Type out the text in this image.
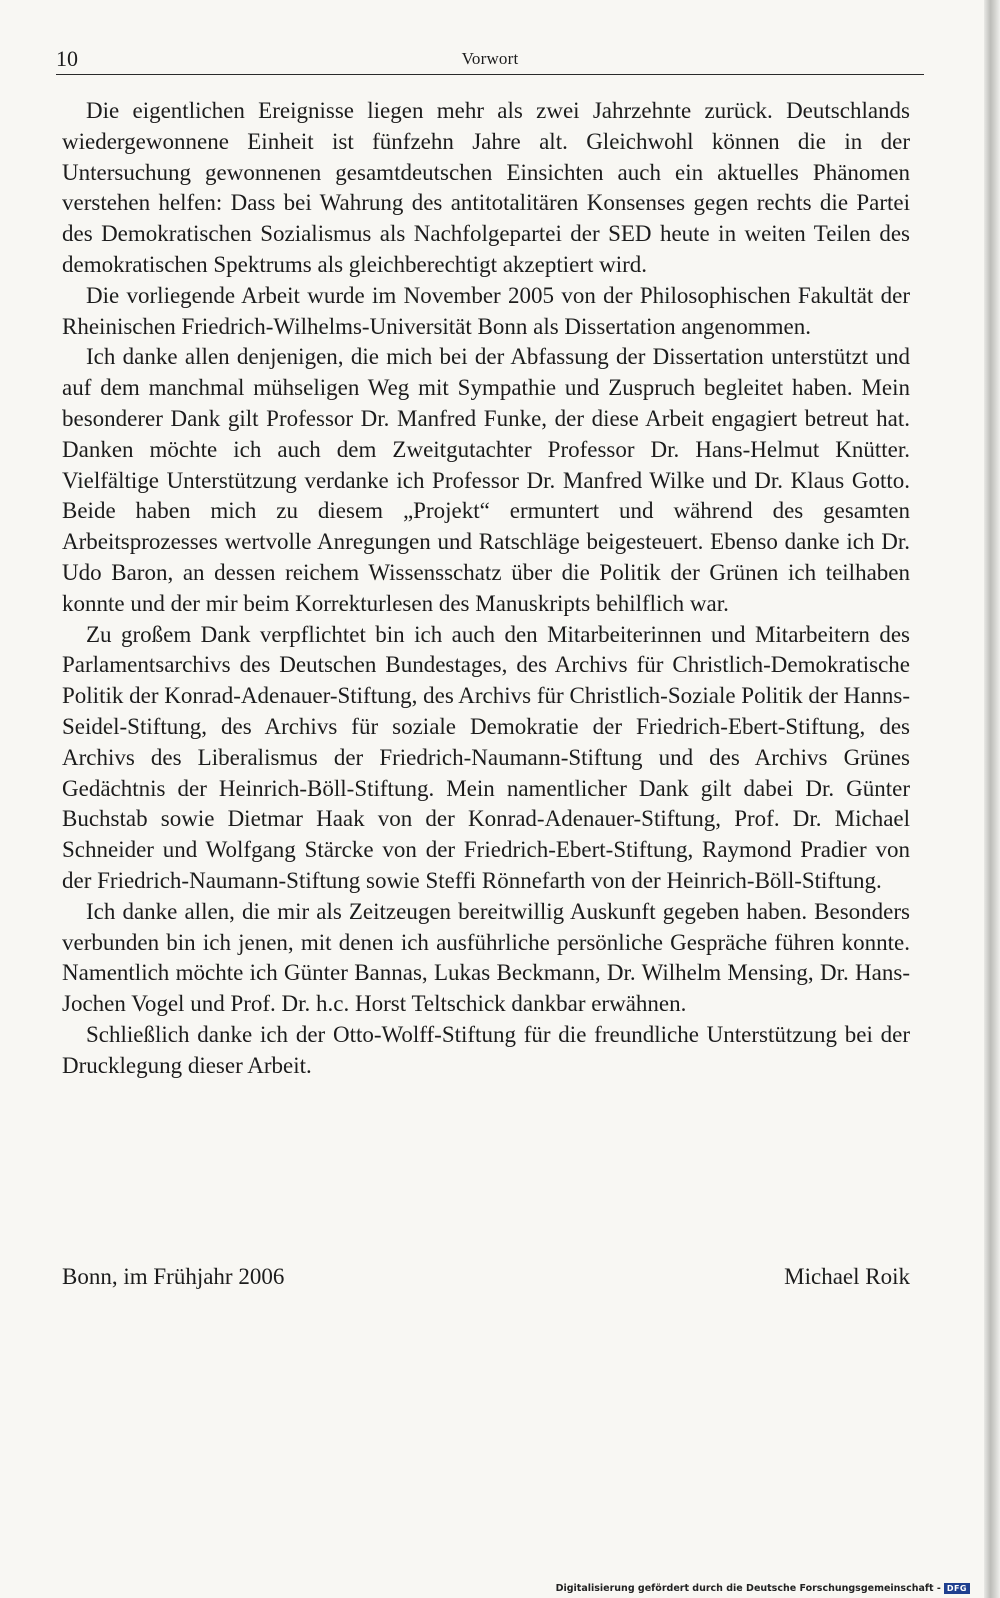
10	Vorwort

Die eigentlichen Ereignisse liegen mehr als zwei Jahrzehnte zurück. Deutschlands wiedergewonnene Einheit ist fünfzehn Jahre alt. Gleichwohl können die in der Untersuchung gewonnenen gesamtdeutschen Einsichten auch ein aktuelles Phänomen verstehen helfen: Dass bei Wahrung des antitotalitären Konsenses gegen rechts die Partei des Demokratischen Sozialismus als Nachfolgepartei der SED heute in weiten Teilen des demokratischen Spektrums als gleichberechtigt akzeptiert wird.

Die vorliegende Arbeit wurde im November 2005 von der Philosophischen Fakultät der Rheinischen Friedrich-Wilhelms-Universität Bonn als Dissertation angenommen.

Ich danke allen denjenigen, die mich bei der Abfassung der Dissertation unterstützt und auf dem manchmal mühseligen Weg mit Sympathie und Zuspruch begleitet haben. Mein besonderer Dank gilt Professor Dr. Manfred Funke, der diese Arbeit engagiert betreut hat. Danken möchte ich auch dem Zweitgutachter Professor Dr. Hans-Helmut Knütter. Vielfältige Unterstützung verdanke ich Professor Dr. Manfred Wilke und Dr. Klaus Gotto. Beide haben mich zu diesem „Projekt“ ermuntert und während des gesamten Arbeitsprozesses wertvolle Anregungen und Ratschläge beigesteuert. Ebenso danke ich Dr. Udo Baron, an dessen reichem Wissensschatz über die Politik der Grünen ich teilhaben konnte und der mir beim Korrekturlesen des Manuskripts behilflich war.

Zu großem Dank verpflichtet bin ich auch den Mitarbeiterinnen und Mitarbeitern des Parlamentsarchivs des Deutschen Bundestages, des Archivs für Christlich-Demokratische Politik der Konrad-Adenauer-Stiftung, des Archivs für Christlich-Soziale Politik der Hanns-Seidel-Stiftung, des Archivs für soziale Demokratie der Friedrich-Ebert-Stiftung, des Archivs des Liberalismus der Friedrich-Naumann-Stiftung und des Archivs Grünes Gedächtnis der Heinrich-Böll-Stiftung. Mein namentlicher Dank gilt dabei Dr. Günter Buchstab sowie Dietmar Haak von der Konrad-Adenauer-Stiftung, Prof. Dr. Michael Schneider und Wolfgang Stärcke von der Friedrich-Ebert-Stiftung, Raymond Pradier von der Friedrich-Naumann-Stiftung sowie Steffi Rönnefarth von der Heinrich-Böll-Stiftung.

Ich danke allen, die mir als Zeitzeugen bereitwillig Auskunft gegeben haben. Besonders verbunden bin ich jenen, mit denen ich ausführliche persönliche Gespräche führen konnte. Namentlich möchte ich Günter Bannas, Lukas Beckmann, Dr. Wilhelm Mensing, Dr. Hans-Jochen Vogel und Prof. Dr. h.c. Horst Teltschick dankbar erwähnen.

Schließlich danke ich der Otto-Wolff-Stiftung für die freundliche Unterstützung bei der Drucklegung dieser Arbeit.

Bonn, im Frühjahr 2006	Michael Roik
Digitalisierung gefördert durch die Deutsche Forschungsgemeinschaft - DFG
